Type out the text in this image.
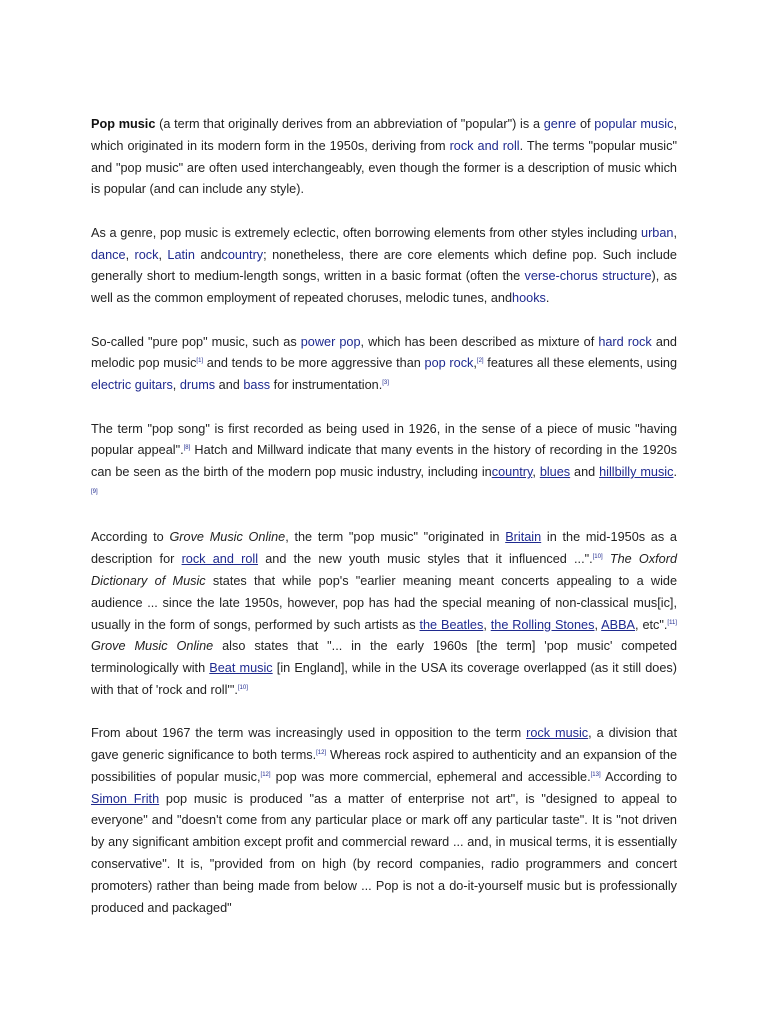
Pop music (a term that originally derives from an abbreviation of "popular") is a genre of popular music, which originated in its modern form in the 1950s, deriving from rock and roll. The terms "popular music" and "pop music" are often used interchangeably, even though the former is a description of music which is popular (and can include any style).

As a genre, pop music is extremely eclectic, often borrowing elements from other styles including urban, dance, rock, Latin andcountry; nonetheless, there are core elements which define pop. Such include generally short to medium-length songs, written in a basic format (often the verse-chorus structure), as well as the common employment of repeated choruses, melodic tunes, andhooks.

So-called "pure pop" music, such as power pop, which has been described as mixture of hard rock and melodic pop music[1] and tends to be more aggressive than pop rock,[2] features all these elements, using electric guitars, drums and bass for instrumentation.[3]

The term "pop song" is first recorded as being used in 1926, in the sense of a piece of music "having popular appeal".[8] Hatch and Millward indicate that many events in the history of recording in the 1920s can be seen as the birth of the modern pop music industry, including incountry, blues and hillbilly music.[9]

According to Grove Music Online, the term "pop music" "originated in Britain in the mid-1950s as a description for rock and roll and the new youth music styles that it influenced ...".[10] The Oxford Dictionary of Music states that while pop's "earlier meaning meant concerts appealing to a wide audience ... since the late 1950s, however, pop has had the special meaning of non-classical mus[ic], usually in the form of songs, performed by such artists as the Beatles, the Rolling Stones, ABBA, etc".[11] Grove Music Online also states that "... in the early 1960s [the term] 'pop music' competed terminologically with Beat music [in England], while in the USA its coverage overlapped (as it still does) with that of 'rock and roll'".[10]

From about 1967 the term was increasingly used in opposition to the term rock music, a division that gave generic significance to both terms.[12] Whereas rock aspired to authenticity and an expansion of the possibilities of popular music,[12] pop was more commercial, ephemeral and accessible.[13] According to Simon Frith pop music is produced "as a matter of enterprise not art", is "designed to appeal to everyone" and "doesn't come from any particular place or mark off any particular taste". It is "not driven by any significant ambition except profit and commercial reward ... and, in musical terms, it is essentially conservative". It is, "provided from on high (by record companies, radio programmers and concert promoters) rather than being made from below ... Pop is not a do-it-yourself music but is professionally produced and packaged"
